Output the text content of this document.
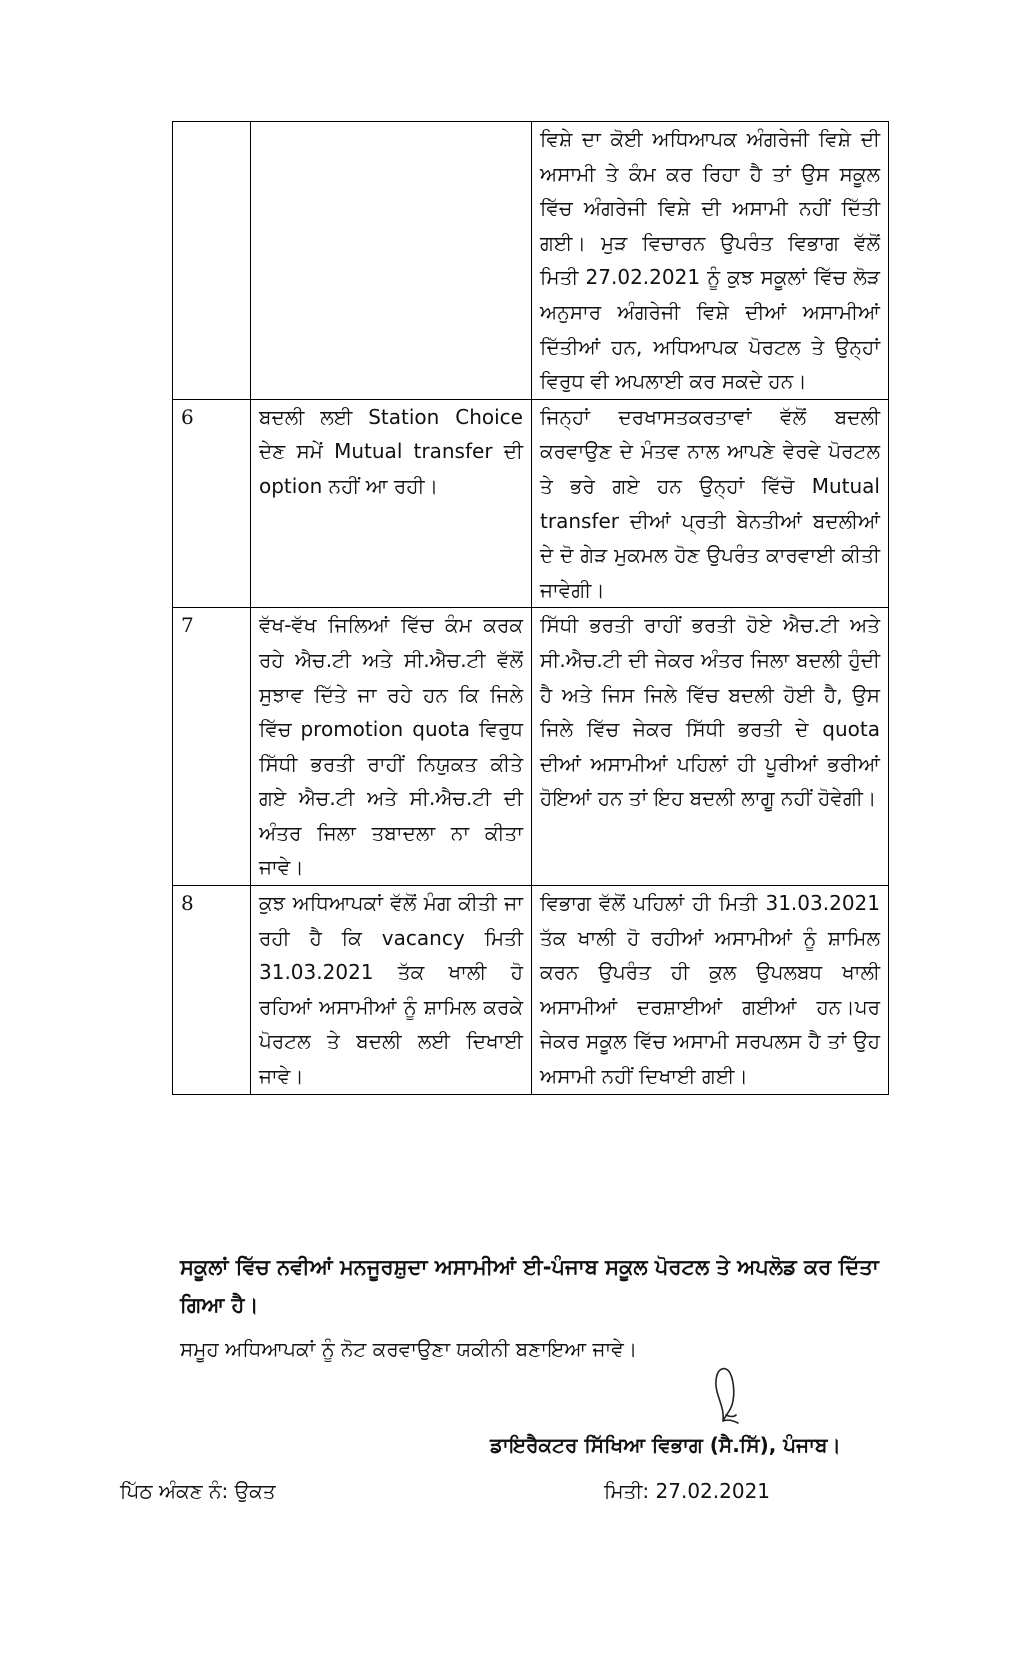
		ਵਿਸ਼ੇ ਦਾ ਕੋਈ ਅਧਿਆਪਕ ਅੰਗਰੇਜੀ ਵਿਸ਼ੇ ਦੀ ਅਸਾਮੀ ਤੇ ਕੰਮ ਕਰ ਰਿਹਾ ਹੈ ਤਾਂ ਉਸ ਸਕੂਲ ਵਿੱਚ ਅੰਗਰੇਜੀ ਵਿਸ਼ੇ ਦੀ ਅਸਾਮੀ ਨਹੀਂ ਦਿੱਤੀ ਗਈ। ਮੁੜ ਵਿਚਾਰਨ ਉਪਰੰਤ ਵਿਭਾਗ ਵੱਲੋਂ ਮਿਤੀ 27.02.2021 ਨੂੰ ਕੁਝ ਸਕੂਲਾਂ ਵਿੱਚ ਲੋੜ ਅਨੁਸਾਰ ਅੰਗਰੇਜੀ ਵਿਸ਼ੇ ਦੀਆਂ ਅਸਾਮੀਆਂ ਦਿੱਤੀਆਂ ਹਨ, ਅਧਿਆਪਕ ਪੋਰਟਲ ਤੇ ਉਨ੍ਹਾਂ ਵਿਰੁਧ ਵੀ ਅਪਲਾਈ ਕਰ ਸਕਦੇ ਹਨ।
6	ਬਦਲੀ ਲਈ Station Choice ਦੇਣ ਸਮੇਂ Mutual transfer ਦੀ option ਨਹੀਂ ਆ ਰਹੀ।	ਜਿਨ੍ਹਾਂ ਦਰਖਾਸਤਕਰਤਾਵਾਂ ਵੱਲੋਂ ਬਦਲੀ ਕਰਵਾਉਣ ਦੇ ਮੰਤਵ ਨਾਲ ਆਪਣੇ ਵੇਰਵੇ ਪੋਰਟਲ ਤੇ ਭਰੇ ਗਏ ਹਨ ਉਨ੍ਹਾਂ ਵਿੱਚੋ Mutual transfer ਦੀਆਂ ਪ੍ਰਤੀ ਬੇਨਤੀਆਂ ਬਦਲੀਆਂ ਦੇ ਦੋ ਗੇੜ ਮੁਕਮਲ ਹੋਣ ਉਪਰੰਤ ਕਾਰਵਾਈ ਕੀਤੀ ਜਾਵੇਗੀ।
7	ਵੱਖ-ਵੱਖ ਜਿਲਿਆਂ ਵਿੱਚ ਕੰਮ ਕਰਕ ਰਹੇ ਐਚ.ਟੀ ਅਤੇ ਸੀ.ਐਚ.ਟੀ ਵੱਲੋਂ ਸੁਝਾਵ ਦਿੱਤੇ ਜਾ ਰਹੇ ਹਨ ਕਿ ਜਿਲੇ ਵਿੱਚ promotion quota ਵਿਰੁਧ ਸਿੱਧੀ ਭਰਤੀ ਰਾਹੀਂ ਨਿਯੁਕਤ ਕੀਤੇ ਗਏ ਐਚ.ਟੀ ਅਤੇ ਸੀ.ਐਚ.ਟੀ ਦੀ ਅੰਤਰ ਜਿਲਾ ਤਬਾਦਲਾ ਨਾ ਕੀਤਾ ਜਾਵੇ।	ਸਿੱਧੀ ਭਰਤੀ ਰਾਹੀਂ ਭਰਤੀ ਹੋਏ ਐਚ.ਟੀ ਅਤੇ ਸੀ.ਐਚ.ਟੀ ਦੀ ਜੇਕਰ ਅੰਤਰ ਜਿਲਾ ਬਦਲੀ ਹੁੰਦੀ ਹੈ ਅਤੇ ਜਿਸ ਜਿਲੇ ਵਿੱਚ ਬਦਲੀ ਹੋਈ ਹੈ, ਉਸ ਜਿਲੇ ਵਿੱਚ ਜੇਕਰ ਸਿੱਧੀ ਭਰਤੀ ਦੇ quota ਦੀਆਂ ਅਸਾਮੀਆਂ ਪਹਿਲਾਂ ਹੀ ਪੂਰੀਆਂ ਭਰੀਆਂ ਹੋਇਆਂ ਹਨ ਤਾਂ ਇਹ ਬਦਲੀ ਲਾਗੂ ਨਹੀਂ ਹੋਵੇਗੀ।
8	ਕੁਝ ਅਧਿਆਪਕਾਂ ਵੱਲੋਂ ਮੰਗ ਕੀਤੀ ਜਾ ਰਹੀ ਹੈ ਕਿ vacancy ਮਿਤੀ 31.03.2021 ਤੱਕ ਖਾਲੀ ਹੋ ਰਹਿਆਂ ਅਸਾਮੀਆਂ ਨੂੰ ਸ਼ਾਮਿਲ ਕਰਕੇ ਪੋਰਟਲ ਤੇ ਬਦਲੀ ਲਈ ਦਿਖਾਈ ਜਾਵੇ।	ਵਿਭਾਗ ਵੱਲੋਂ ਪਹਿਲਾਂ ਹੀ ਮਿਤੀ 31.03.2021 ਤੱਕ ਖਾਲੀ ਹੋ ਰਹੀਆਂ ਅਸਾਮੀਆਂ ਨੂੰ ਸ਼ਾਮਿਲ ਕਰਨ ਉਪਰੰਤ ਹੀ ਕੁਲ ਉਪਲਬਧ ਖਾਲੀ ਅਸਾਮੀਆਂ ਦਰਸ਼ਾਈਆਂ ਗਈਆਂ ਹਨ।ਪਰ ਜੇਕਰ ਸਕੂਲ ਵਿੱਚ ਅਸਾਮੀ ਸਰਪਲਸ ਹੈ ਤਾਂ ਉਹ ਅਸਾਮੀ ਨਹੀਂ ਦਿਖਾਈ ਗਈ।
ਸਕੂਲਾਂ ਵਿੱਚ ਨਵੀਆਂ ਮਨਜੂਰਸ਼ੁਦਾ ਅਸਾਮੀਆਂ ਈ-ਪੰਜਾਬ ਸਕੂਲ ਪੋਰਟਲ ਤੇ ਅਪਲੋਡ ਕਰ ਦਿੱਤਾ ਗਿਆ ਹੈ।
ਸਮੂਹ ਅਧਿਆਪਕਾਂ ਨੂੰ ਨੋਟ ਕਰਵਾਉਣਾ ਯਕੀਨੀ ਬਣਾਇਆ ਜਾਵੇ।
ਡਾਇਰੈਕਟਰ ਸਿੱਖਿਆ ਵਿਭਾਗ (ਸੈ.ਸਿੱ), ਪੰਜਾਬ।
ਪਿੱਠ ਅੰਕਣ ਨੰ: ਉਕਤ	ਮਿਤੀ: 27.02.2021
